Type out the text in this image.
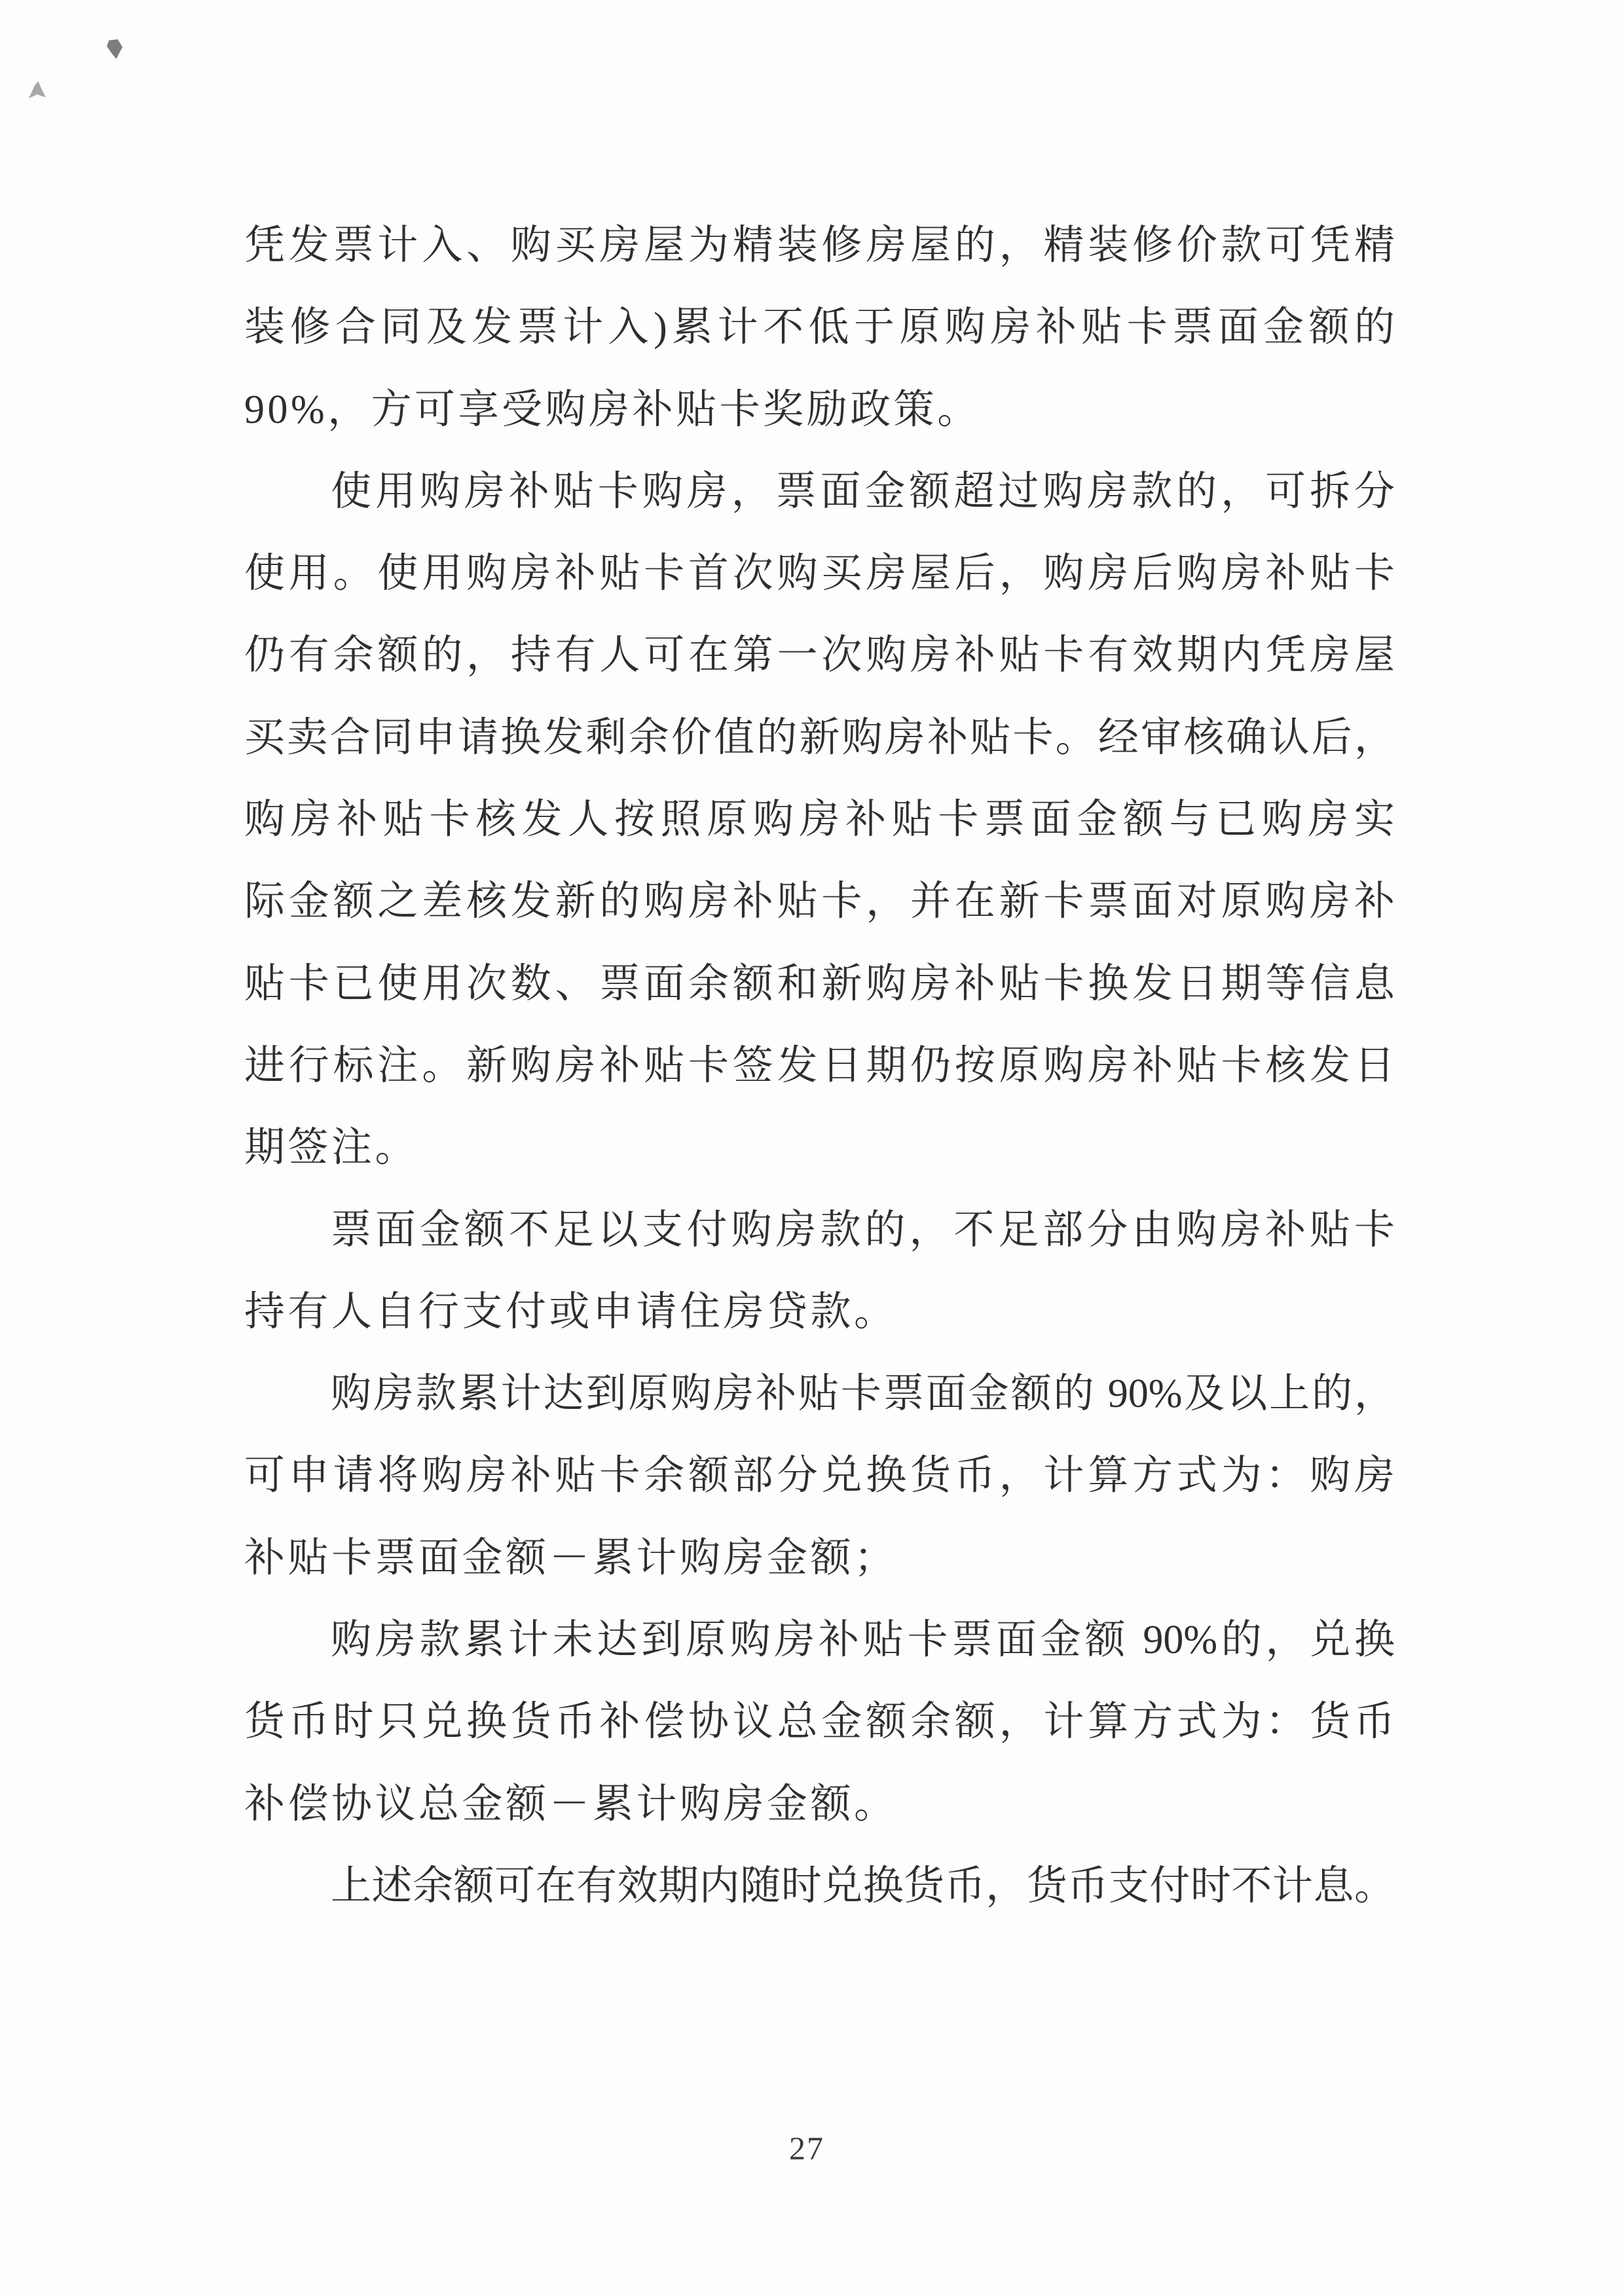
凭发票计入、购买房屋为精装修房屋的，精装修价款可凭精
装修合同及发票计入)累计不低于原购房补贴卡票面金额的
90%，方可享受购房补贴卡奖励政策。
使用购房补贴卡购房，票面金额超过购房款的，可拆分
使用。使用购房补贴卡首次购买房屋后，购房后购房补贴卡
仍有余额的，持有人可在第一次购房补贴卡有效期内凭房屋
买卖合同申请换发剩余价值的新购房补贴卡。经审核确认后，
购房补贴卡核发人按照原购房补贴卡票面金额与已购房实
际金额之差核发新的购房补贴卡，并在新卡票面对原购房补
贴卡已使用次数、票面余额和新购房补贴卡换发日期等信息
进行标注。新购房补贴卡签发日期仍按原购房补贴卡核发日
期签注。
票面金额不足以支付购房款的，不足部分由购房补贴卡
持有人自行支付或申请住房贷款。
购房款累计达到原购房补贴卡票面金额的 90%及以上的，
可申请将购房补贴卡余额部分兑换货币，计算方式为：购房
补贴卡票面金额－累计购房金额；
购房款累计未达到原购房补贴卡票面金额 90%的，兑换
货币时只兑换货币补偿协议总金额余额，计算方式为：货币
补偿协议总金额－累计购房金额。
上述余额可在有效期内随时兑换货币，货币支付时不计息。
27
